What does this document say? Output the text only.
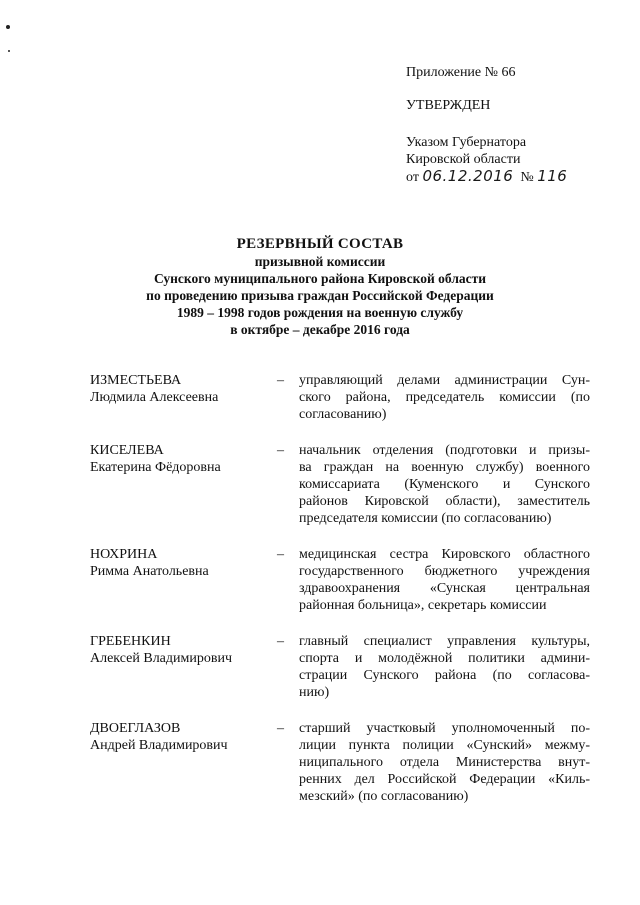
Приложение № 66
УТВЕРЖДЕН
Указом Губернатора
Кировской области
от 06.12.2016 № 116
РЕЗЕРВНЫЙ СОСТАВ
призывной комиссии
Сунского муниципального района Кировской области
по проведению призыва граждан Российской Федерации
1989 – 1998 годов рождения на военную службу
в октябре – декабре 2016 года
ИЗМЕСТЬЕВА
Людмила Алексеевна
–	управляющий делами администрации Сун-
ского района, председатель комиссии (по
согласованию)
КИСЕЛЕВА
Екатерина Фёдоровна
–	начальник отделения (подготовки и призы-
ва граждан на военную службу) военного
комиссариата (Куменского и Сунского
районов Кировской области), заместитель
председателя комиссии (по согласованию)
НОХРИНА
Римма Анатольевна
–	медицинская сестра Кировского областного
государственного бюджетного учреждения
здравоохранения «Сунская центральная
районная больница», секретарь комиссии
ГРЕБЕНКИН
Алексей Владимирович
–	главный специалист управления культуры,
спорта и молодёжной политики админи-
страции Сунского района (по согласова-
нию)
ДВОЕГЛАЗОВ
Андрей Владимирович
–	старший участковый уполномоченный по-
лиции пункта полиции «Сунский» межму-
ниципального отдела Министерства внут-
ренних дел Российской Федерации «Киль-
мезский» (по согласованию)
